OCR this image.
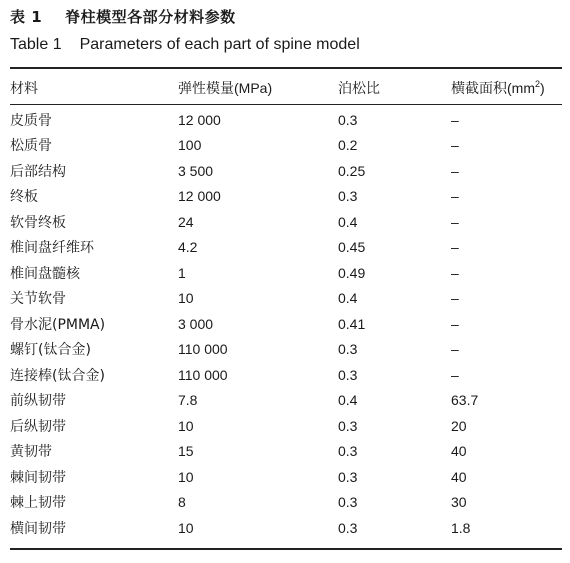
表 1 脊柱模型各部分材料参数
Table 1 Parameters of each part of spine model
材料	弹性模量(MPa)	泊松比	横截面积$(mm^2)$
皮质骨	12 000	0.3	–
松质骨	100	0.2	–
后部结构	3 500	0.25	–
终板	12 000	0.3	–
软骨终板	24	0.4	–
椎间盘纤维环	4.2	0.45	–
椎间盘髓核	1	0.49	–
关节软骨	10	0.4	–
骨水泥(PMMA)	3 000	0.41	–
螺钉(钛合金)	110 000	0.3	–
连接棒(钛合金)	110 000	0.3	–
前纵韧带	7.8	0.4	63.7
后纵韧带	10	0.3	20
黄韧带	15	0.3	40
棘间韧带	10	0.3	40
棘上韧带	8	0.3	30
横间韧带	10	0.3	1.8
